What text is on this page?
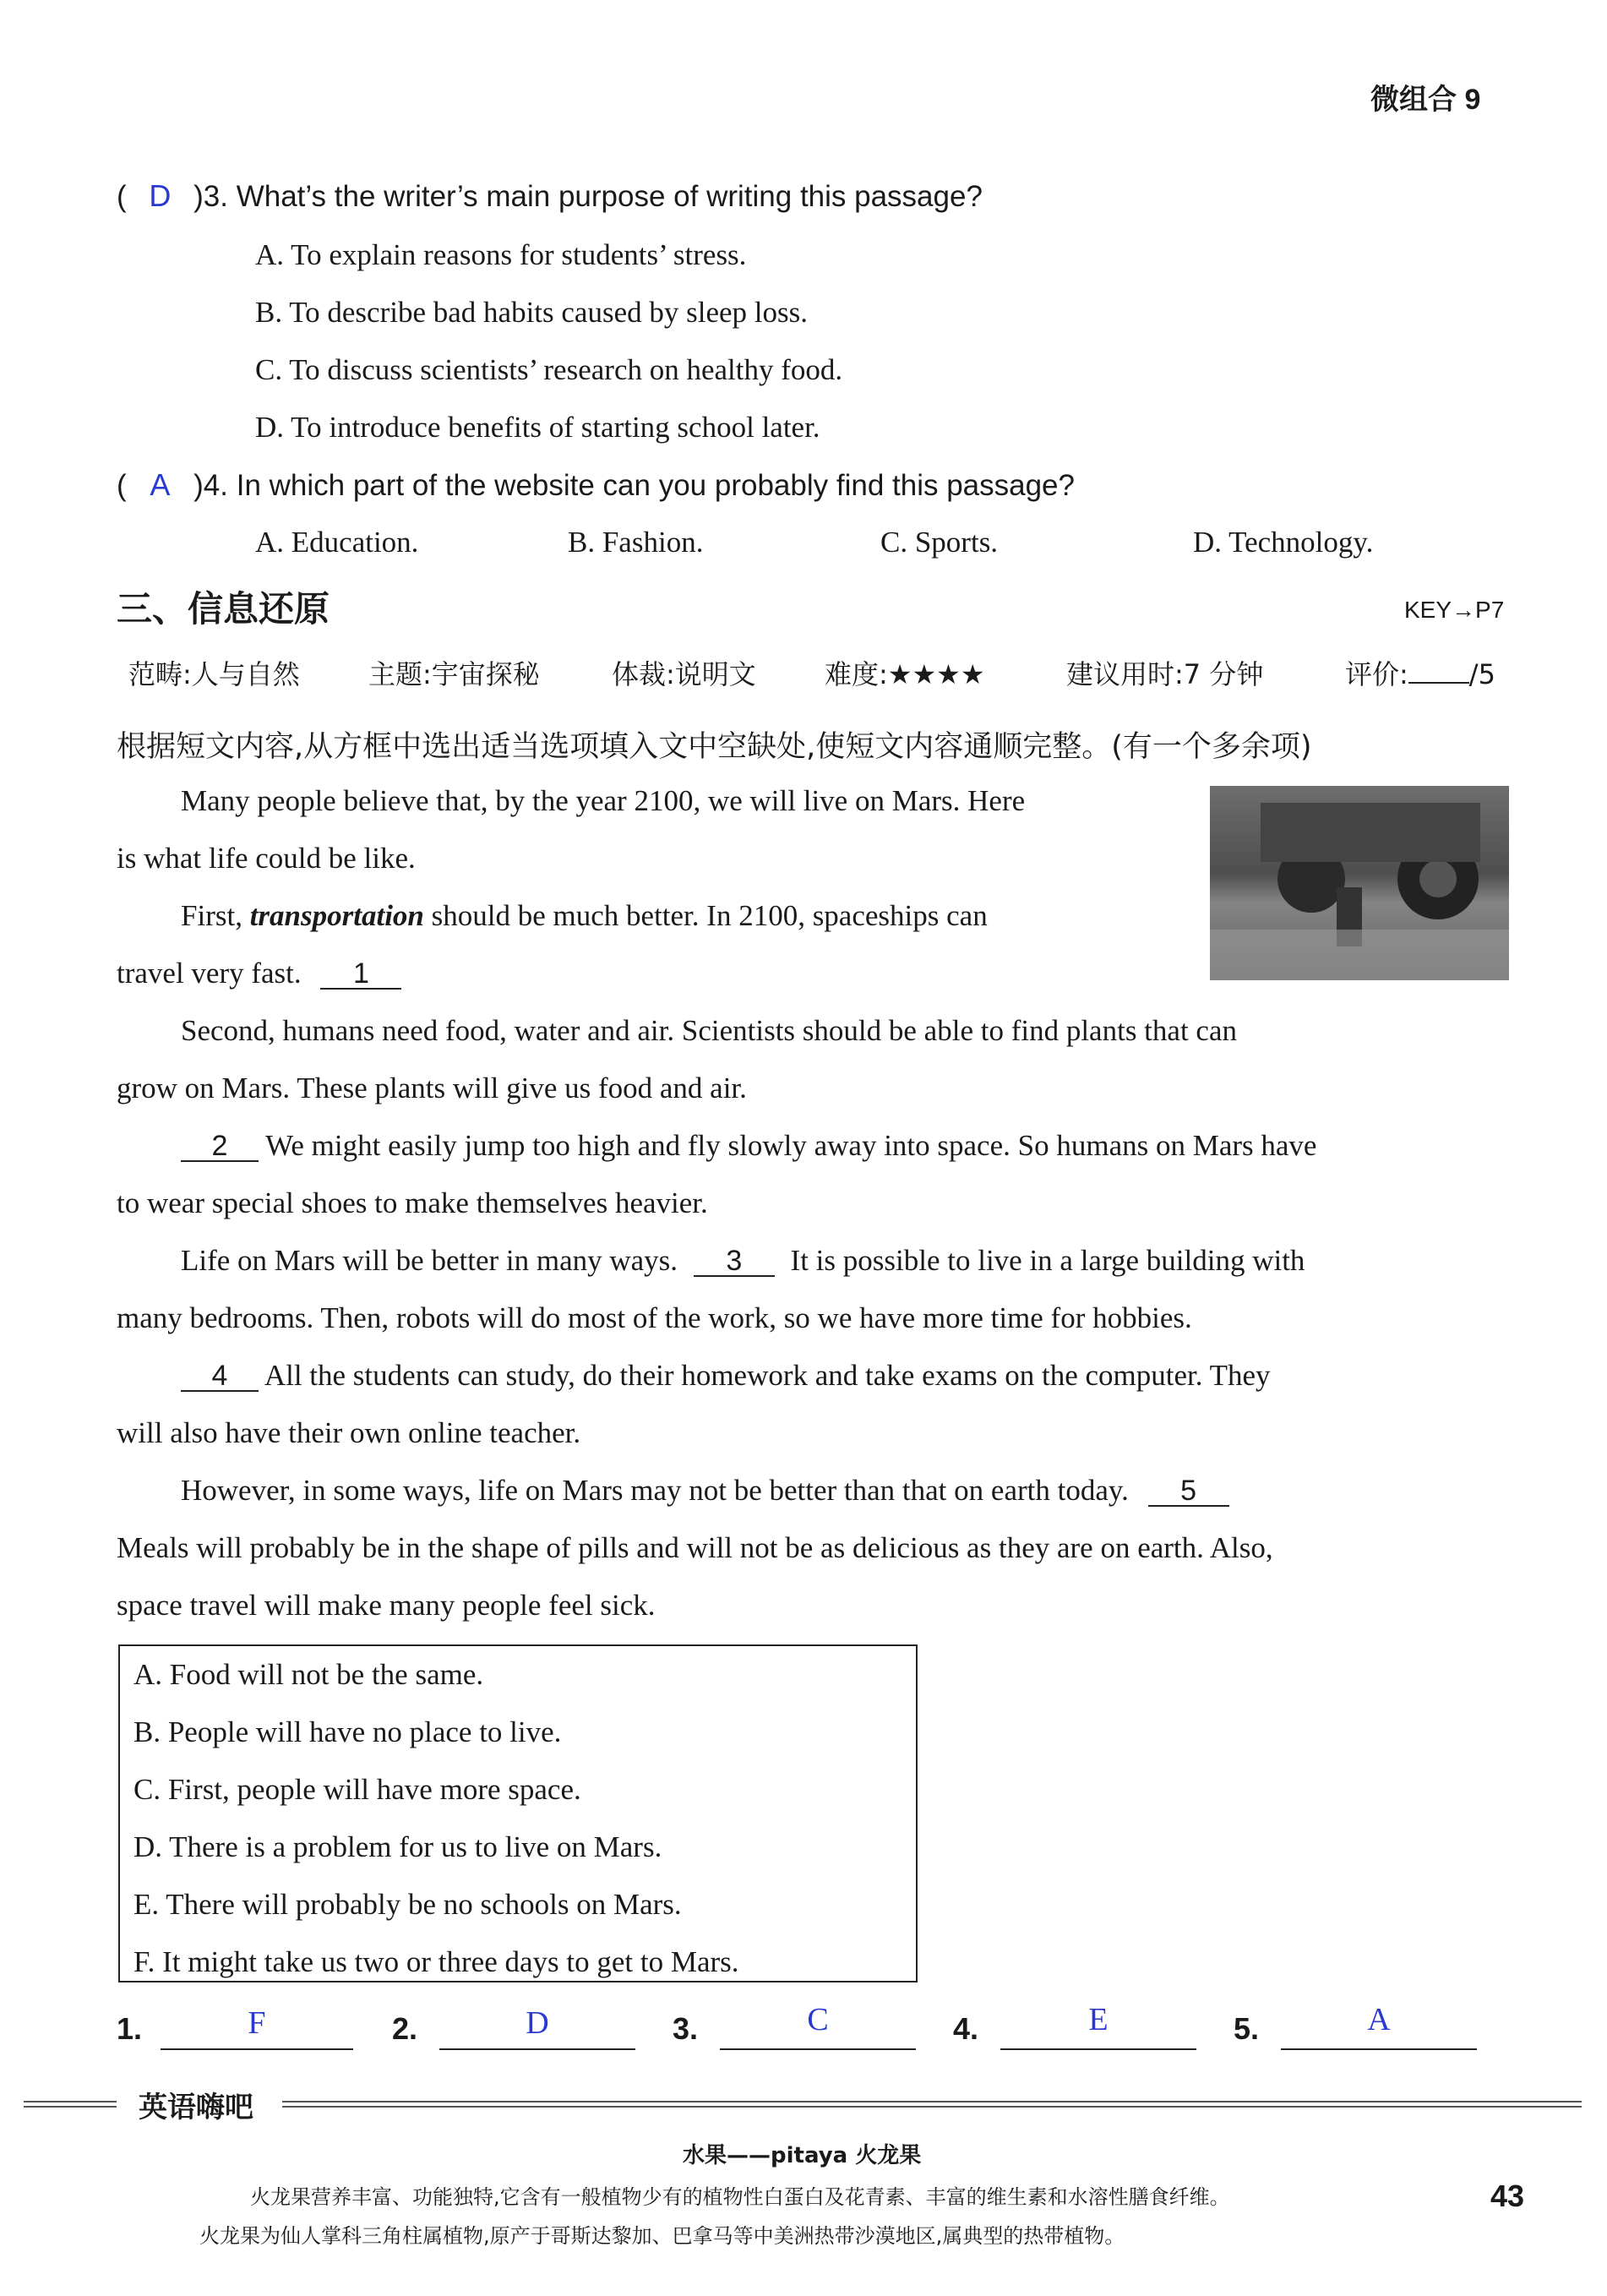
微组合 9
( D )3. What’s the writer’s main purpose of writing this passage?
A. To explain reasons for students’ stress.
B. To describe bad habits caused by sleep loss.
C. To discuss scientists’ research on healthy food.
D. To introduce benefits of starting school later.
( A )4. In which part of the website can you probably find this passage?
A. Education.	B. Fashion.	C. Sports.	D. Technology.
三、信息还原	KEY→P7
范畴:人与自然	主题:宇宙探秘	体裁:说明文	难度:★★★★	建议用时:7 分钟	评价: /5
根据短文内容,从方框中选出适当选项填入文中空缺处,使短文内容通顺完整。(有一个多余项)
Many people believe that, by the year 2100, we will live on Mars. Here
is what life could be like.
First, transportation should be much better. In 2100, spaceships can
travel very fast. 1
Second, humans need food, water and air. Scientists should be able to find plants that can
grow on Mars. These plants will give us food and air.
2 We might easily jump too high and fly slowly away into space. So humans on Mars have
to wear special shoes to make themselves heavier.
Life on Mars will be better in many ways. 3 It is possible to live in a large building with
many bedrooms. Then, robots will do most of the work, so we have more time for hobbies.
4 All the students can study, do their homework and take exams on the computer. They
will also have their own online teacher.
However, in some ways, life on Mars may not be better than that on earth today. 5
Meals will probably be in the shape of pills and will not be as delicious as they are on earth. Also,
space travel will make many people feel sick.
A. Food will not be the same.
B. People will have no place to live.
C. First, people will have more space.
D. There is a problem for us to live on Mars.
E. There will probably be no schools on Mars.
F. It might take us two or three days to get to Mars.
1.	F	2.	D	3.	C	4.	E	5.	A
英语嗨吧
水果——pitaya 火龙果
火龙果营养丰富、功能独特,它含有一般植物少有的植物性白蛋白及花青素、丰富的维生素和水溶性膳食纤维。
火龙果为仙人掌科三角柱属植物,原产于哥斯达黎加、巴拿马等中美洲热带沙漠地区,属典型的热带植物。
43
